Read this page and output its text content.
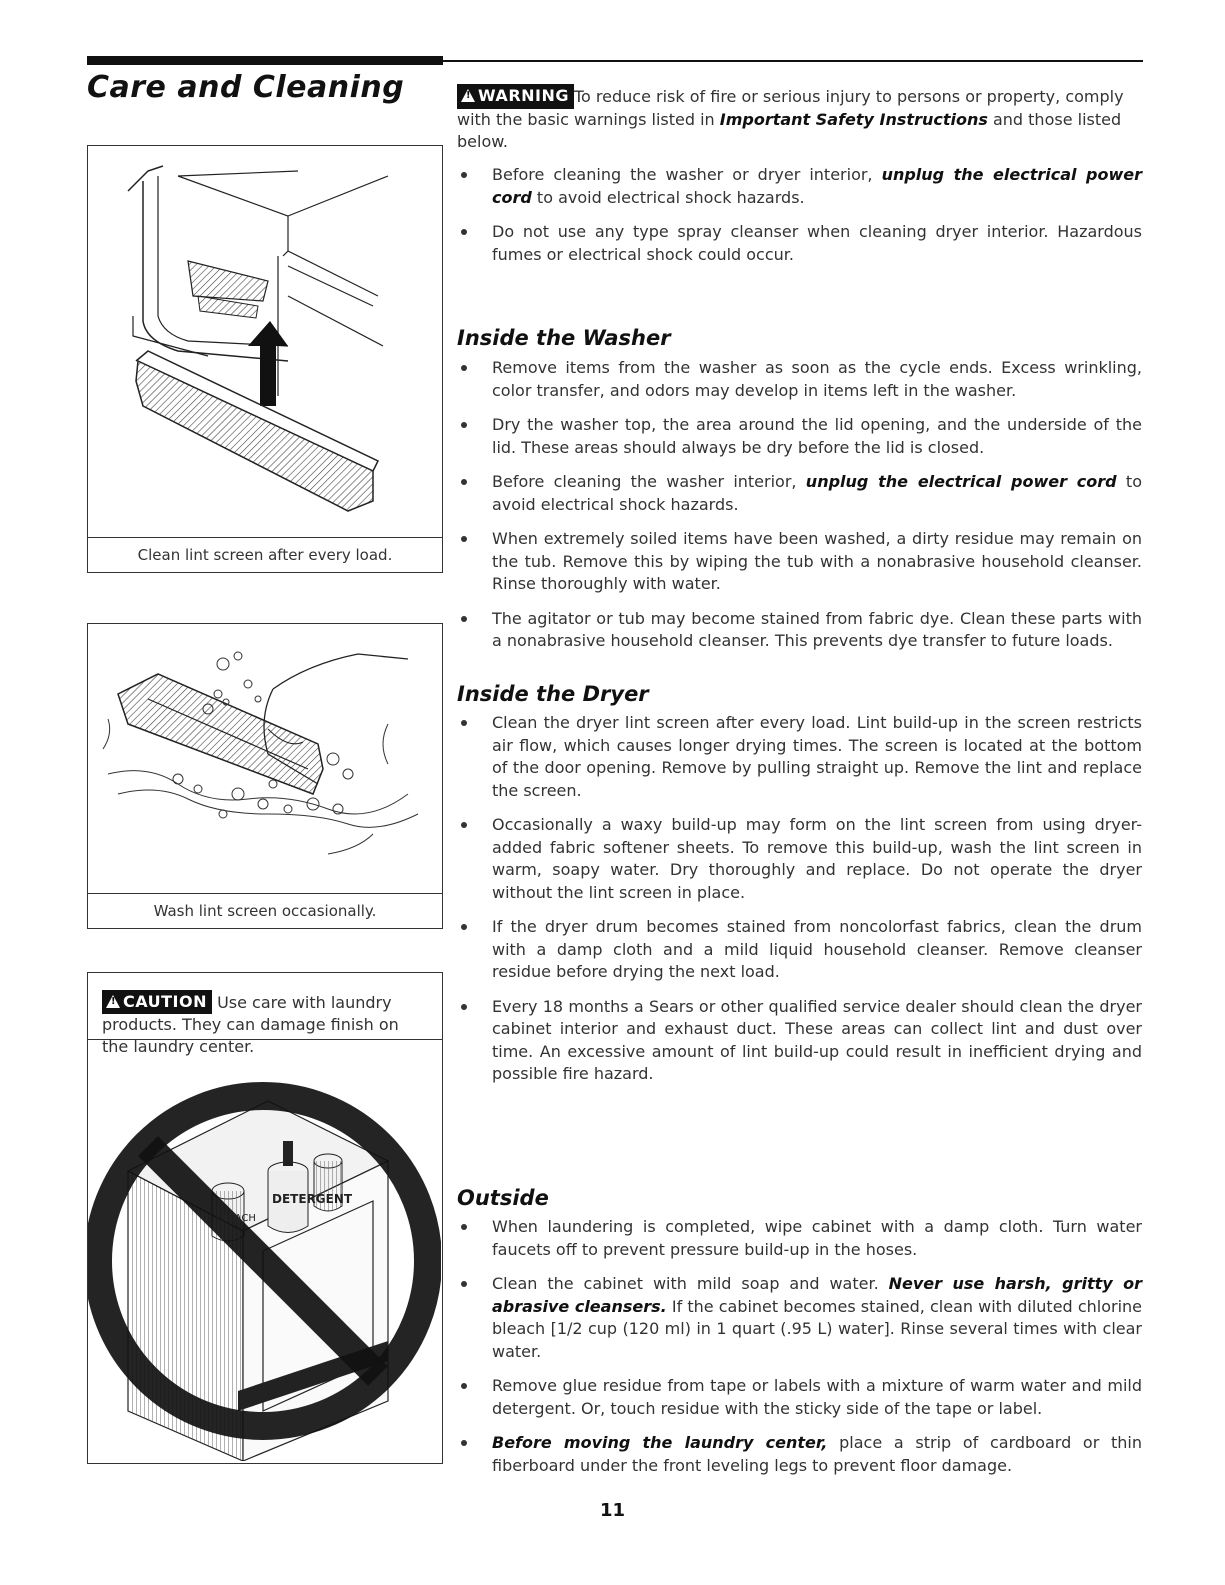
Care and Cleaning
Clean lint screen after every load.
Wash lint screen occasionally.
DETERGENT
BLEACH
!CAUTION Use care with laundry products. They can damage finish on the laundry center.
!WARNING To reduce risk of fire or serious injury to persons or property, comply with the basic warnings listed in Important Safety Instructions and those listed below.
Before cleaning the washer or dryer interior, unplug the electrical power cord to avoid electrical shock hazards.
Do not use any type spray cleanser when cleaning dryer interior. Hazardous fumes or electrical shock could occur.
Inside the Washer
Remove items from the washer as soon as the cycle ends. Excess wrinkling, color transfer, and odors may develop in items left in the washer.
Dry the washer top, the area around the lid opening, and the underside of the lid. These areas should always be dry before the lid is closed.
Before cleaning the washer interior, unplug the electrical power cord to avoid electrical shock hazards.
When extremely soiled items have been washed, a dirty residue may remain on the tub. Remove this by wiping the tub with a nonabrasive household cleanser. Rinse thoroughly with water.
The agitator or tub may become stained from fabric dye. Clean these parts with a nonabrasive household cleanser. This prevents dye transfer to future loads.
Inside the Dryer
Clean the dryer lint screen after every load. Lint build-up in the screen restricts air flow, which causes longer drying times. The screen is located at the bottom of the door opening. Remove by pulling straight up. Remove the lint and replace the screen.
Occasionally a waxy build-up may form on the lint screen from using dryer-added fabric softener sheets. To remove this build-up, wash the lint screen in warm, soapy water. Dry thoroughly and replace. Do not operate the dryer without the lint screen in place.
If the dryer drum becomes stained from noncolorfast fabrics, clean the drum with a damp cloth and a mild liquid household cleanser. Remove cleanser residue before drying the next load.
Every 18 months a Sears or other qualified service dealer should clean the dryer cabinet interior and exhaust duct. These areas can collect lint and dust over time. An excessive amount of lint build-up could result in inefficient drying and possible fire hazard.
Outside
When laundering is completed, wipe cabinet with a damp cloth. Turn water faucets off to prevent pressure build-up in the hoses.
Clean the cabinet with mild soap and water. Never use harsh, gritty or abrasive cleansers. If the cabinet becomes stained, clean with diluted chlorine bleach [1/2 cup (120 ml) in 1 quart (.95 L) water]. Rinse several times with clear water.
Remove glue residue from tape or labels with a mixture of warm water and mild detergent. Or, touch residue with the sticky side of the tape or label.
Before moving the laundry center, place a strip of cardboard or thin fiberboard under the front leveling legs to prevent floor damage.
11
